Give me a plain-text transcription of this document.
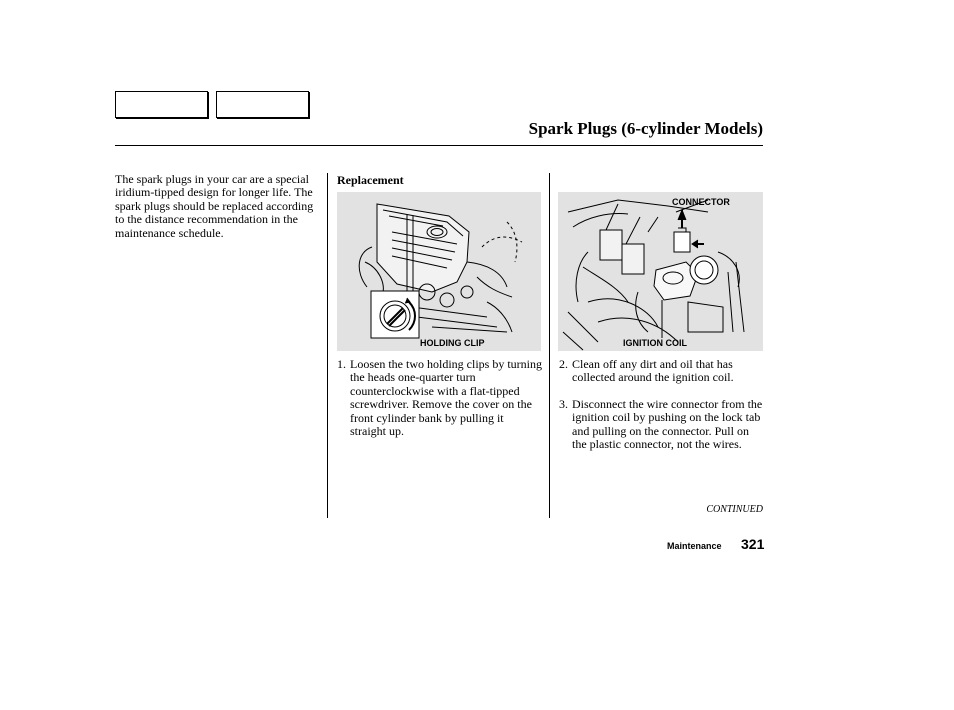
Spark Plugs (6-cylinder Models)
The spark plugs in your car are a special iridium-tipped design for longer life. The spark plugs should be replaced according to the distance recommendation in the maintenance schedule.
Replacement
HOLDING CLIP
CONNECTOR
IGNITION COIL
1. Loosen the two holding clips by turning the heads one-quarter turn counterclockwise with a flat-tipped screwdriver. Remove the cover on the front cylinder bank by pulling it straight up.
2. Clean off any dirt and oil that has collected around the ignition coil.
3. Disconnect the wire connector from the ignition coil by pushing on the lock tab and pulling on the connector. Pull on the plastic connector, not the wires.
CONTINUED
Maintenance 321
